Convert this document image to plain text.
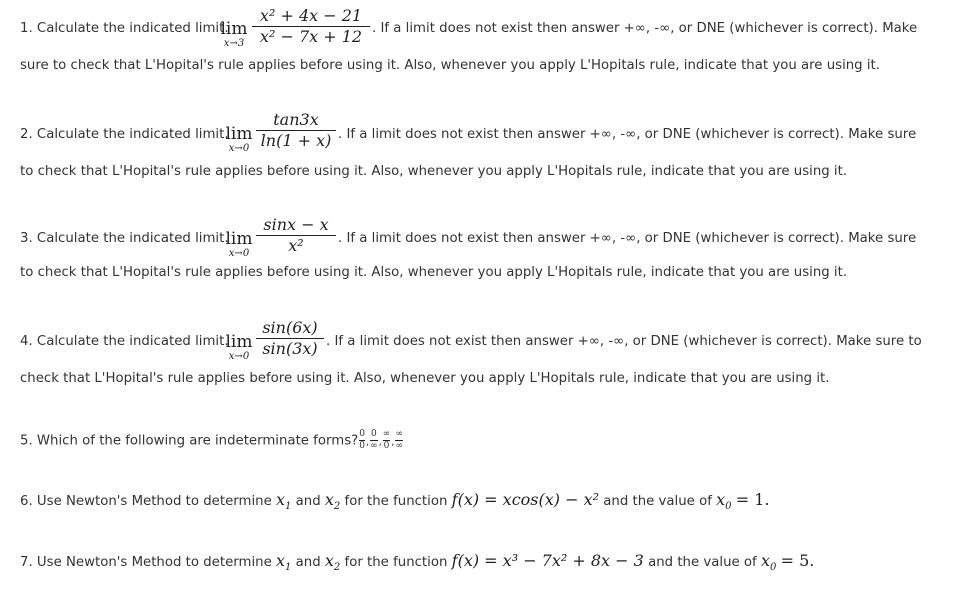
1. Calculate the indicated limit.
lim
x→3
x² + 4x − 21
x² − 7x + 12 . If a limit does not exist then answer +∞, -∞, or DNE (whichever is correct). Make
sure to check that L'Hopital's rule applies before using it. Also, whenever you apply L'Hopitals rule, indicate that you are using it.
2. Calculate the indicated limit.
lim
x→0
tan3x
ln(1 + x) . If a limit does not exist then answer +∞, -∞, or DNE (whichever is correct). Make sure
to check that L'Hopital's rule applies before using it. Also, whenever you apply L'Hopitals rule, indicate that you are using it.
3. Calculate the indicated limit.
lim
x→0
sinx − x
x²	. If a limit does not exist then answer +∞, -∞, or DNE (whichever is correct). Make sure
to check that L'Hopital's rule applies before using it. Also, whenever you apply L'Hopitals rule, indicate that you are using it.
4. Calculate the indicated limit.
lim
x→0
sin(6x)
sin(3x) . If a limit does not exist then answer +∞, -∞, or DNE (whichever is correct). Make sure to
check that L'Hopital's rule applies before using it. Also, whenever you apply L'Hopitals rule, indicate that you are using it.
5. Which of the following are indeterminate forms? $\frac{0}{0}$ , $\frac{0}{\infty}$ , $\frac{\infty}{0}$ , $\frac{\infty}{\infty}$
6. Use Newton's Method to determine $x_1$ and $x_2$ for the function f(x) = xcos(x) − x² and the value of $x_0 = 1$.
7. Use Newton's Method to determine $x_1$ and $x_2$ for the function f(x) = x³ − 7x² + 8x − 3 and the value of $x_0 = 5$.
